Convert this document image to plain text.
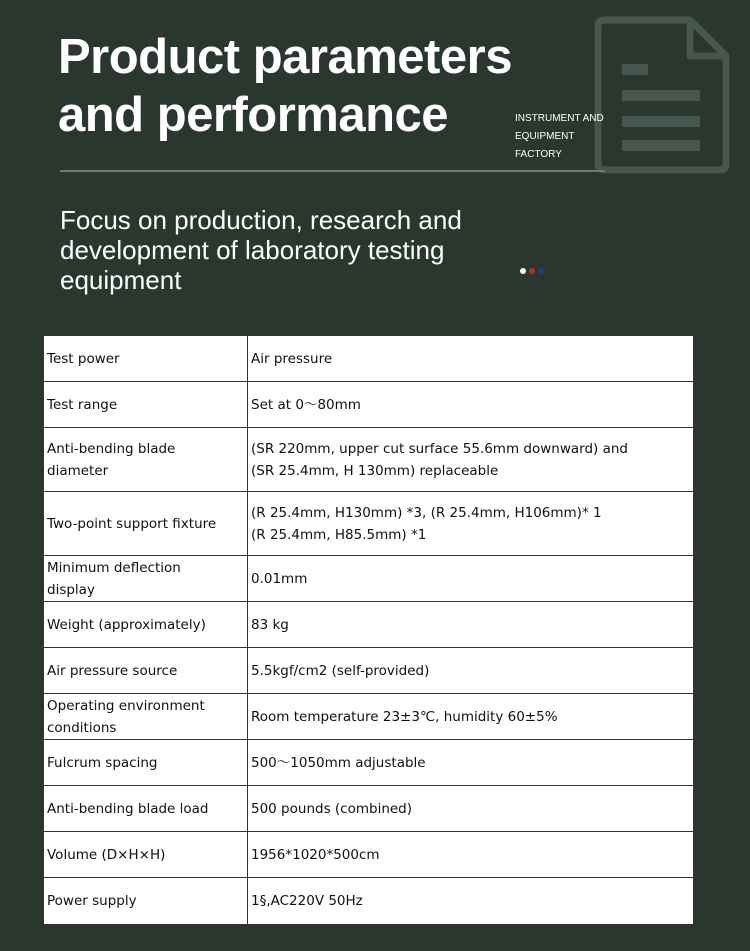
Product parameters
and performance	INSTRUMENT AND
EQUIPMENT
FACTORY
Focus on production, research and
development of laboratory testing
equipment
Test power	Air pressure

Test range	Set at 0〜80mm

Anti-bending blade
diameter	(SR 220mm, upper cut surface 55.6mm downward) and
(SR 25.4mm, H 130mm) replaceable

Two-point support fixture	(R 25.4mm, H130mm) *3, (R 25.4mm, H106mm)* 1
(R 25.4mm, H85.5mm) *1

Minimum deflection
display	0.01mm

Weight (approximately)	83 kg

Air pressure source	5.5kgf/cm2 (self-provided)

Operating environment
conditions	Room temperature 23±3℃, humidity 60±5%

Fulcrum spacing	500〜1050mm adjustable

Anti-bending blade load	500 pounds (combined)

Volume (D×H×H)	1956*1020*500cm

Power supply	1§,AC220V 50Hz
